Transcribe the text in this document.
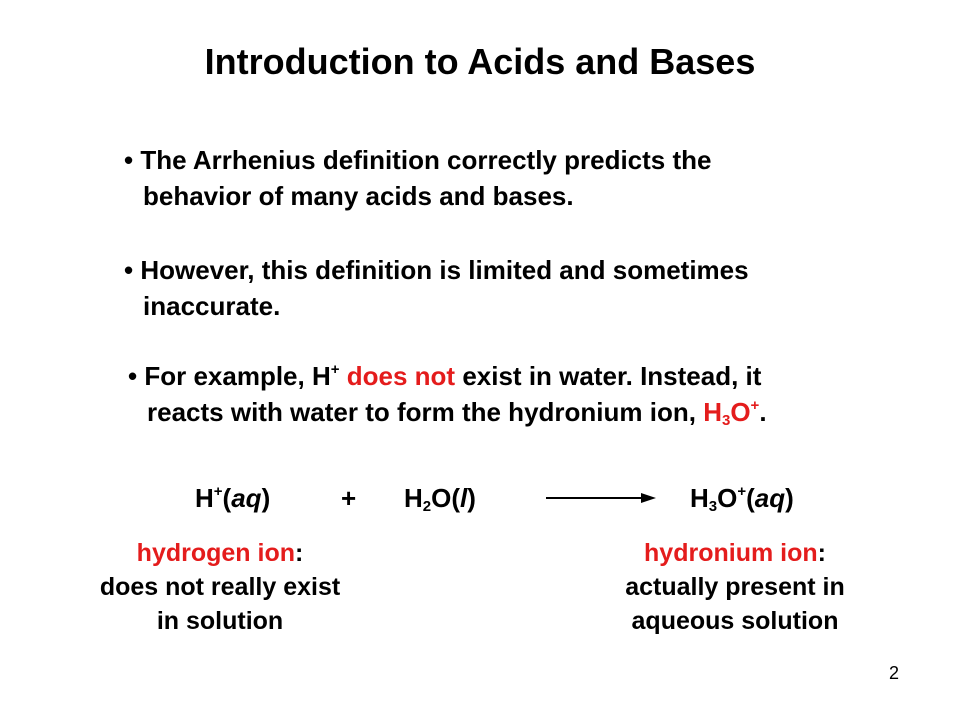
Introduction to Acids and Bases
• The Arrhenius definition correctly predicts the
behavior of many acids and bases.
• However, this definition is limited and sometimes
inaccurate.
• For example, H+ does not exist in water. Instead, it
reacts with water to form the hydronium ion, $H_3O^+$.
H+(aq)	+ $H_2O(l)$	$H_3O^+(aq)$
hydrogen ion:
does not really exist
in solution
hydronium ion:
actually present in
aqueous solution
2
